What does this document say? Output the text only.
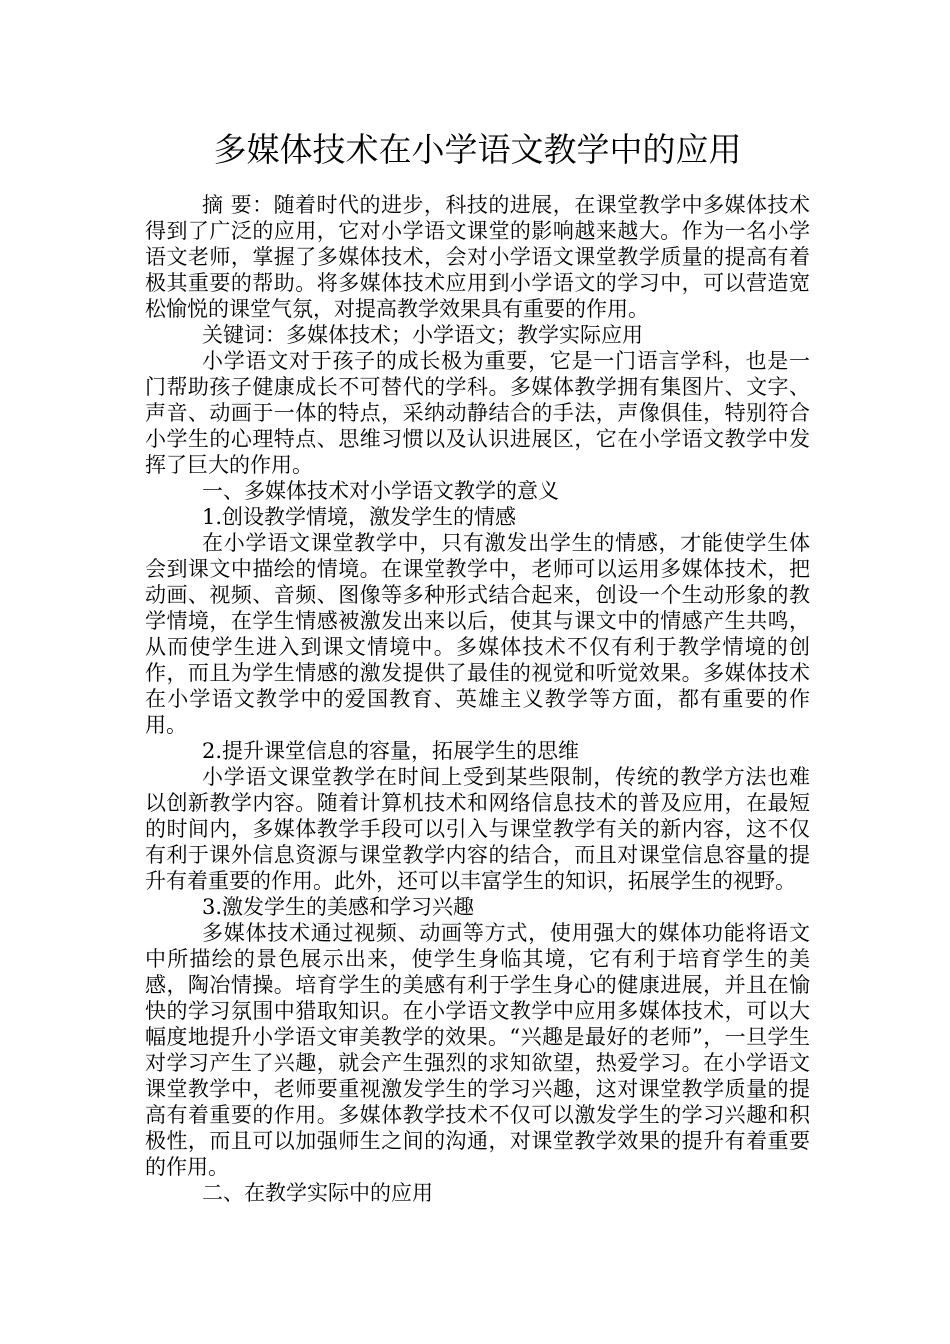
多媒体技术在小学语文教学中的应用

摘 要：随着时代的进步，科技的进展，在课堂教学中多媒体技术得到了广泛的应用，它对小学语文课堂的影响越来越大。作为一名小学语文老师，掌握了多媒体技术，会对小学语文课堂教学质量的提高有着极其重要的帮助。将多媒体技术应用到小学语文的学习中，可以营造宽松愉悦的课堂气氛，对提高教学效果具有重要的作用。

关键词：多媒体技术；小学语文；教学实际应用

小学语文对于孩子的成长极为重要，它是一门语言学科，也是一门帮助孩子健康成长不可替代的学科。多媒体教学拥有集图片、文字、声音、动画于一体的特点，采纳动静结合的手法，声像俱佳，特别符合小学生的心理特点、思维习惯以及认识进展区，它在小学语文教学中发挥了巨大的作用。

一、多媒体技术对小学语文教学的意义

1.创设教学情境，激发学生的情感

在小学语文课堂教学中，只有激发出学生的情感，才能使学生体会到课文中描绘的情境。在课堂教学中，老师可以运用多媒体技术，把动画、视频、音频、图像等多种形式结合起来，创设一个生动形象的教学情境，在学生情感被激发出来以后，使其与课文中的情感产生共鸣，从而使学生进入到课文情境中。多媒体技术不仅有利于教学情境的创作，而且为学生情感的激发提供了最佳的视觉和听觉效果。多媒体技术在小学语文教学中的爱国教育、英雄主义教学等方面，都有重要的作用。

2.提升课堂信息的容量，拓展学生的思维

小学语文课堂教学在时间上受到某些限制，传统的教学方法也难以创新教学内容。随着计算机技术和网络信息技术的普及应用，在最短的时间内，多媒体教学手段可以引入与课堂教学有关的新内容，这不仅有利于课外信息资源与课堂教学内容的结合，而且对课堂信息容量的提升有着重要的作用。此外，还可以丰富学生的知识，拓展学生的视野。

3.激发学生的美感和学习兴趣

多媒体技术通过视频、动画等方式，使用强大的媒体功能将语文中所描绘的景色展示出来，使学生身临其境，它有利于培育学生的美感，陶冶情操。培育学生的美感有利于学生身心的健康进展，并且在愉快的学习氛围中猎取知识。在小学语文教学中应用多媒体技术，可以大幅度地提升小学语文审美教学的效果。“兴趣是最好的老师”，一旦学生对学习产生了兴趣，就会产生强烈的求知欲望，热爱学习。在小学语文课堂教学中，老师要重视激发学生的学习兴趣，这对课堂教学质量的提高有着重要的作用。多媒体教学技术不仅可以激发学生的学习兴趣和积极性，而且可以加强师生之间的沟通，对课堂教学效果的提升有着重要的作用。

二、在教学实际中的应用
